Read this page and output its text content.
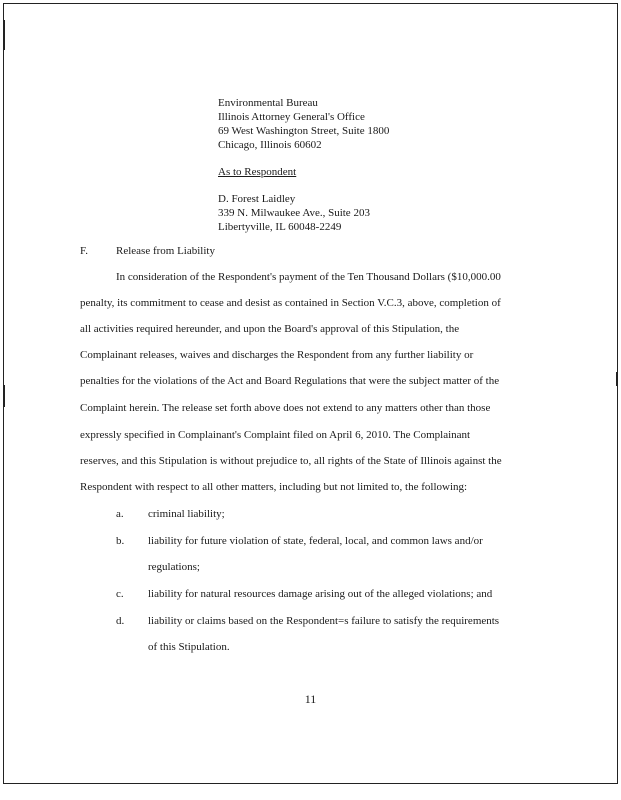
Environmental Bureau
Illinois Attorney General's Office
69 West Washington Street, Suite 1800
Chicago, Illinois 60602
As to Respondent
D. Forest Laidley
339 N. Milwaukee Ave., Suite 203
Libertyville, IL 60048-2249
F.	Release from Liability
In consideration of the Respondent's payment of the Ten Thousand Dollars ($10,000.00
penalty, its commitment to cease and desist as contained in Section V.C.3, above, completion of
all activities required hereunder, and upon the Board's approval of this Stipulation, the
Complainant releases, waives and discharges the Respondent from any further liability or
penalties for the violations of the Act and Board Regulations that were the subject matter of the
Complaint herein. The release set forth above does not extend to any matters other than those
expressly specified in Complainant's Complaint filed on April 6, 2010. The Complainant
reserves, and this Stipulation is without prejudice to, all rights of the State of Illinois against the
Respondent with respect to all other matters, including but not limited to, the following:
a. criminal liability;
b. liability for future violation of state, federal, local, and common laws and/or
regulations;
c. liability for natural resources damage arising out of the alleged violations; and
d. liability or claims based on the Respondent=s failure to satisfy the requirements
of this Stipulation.
11
